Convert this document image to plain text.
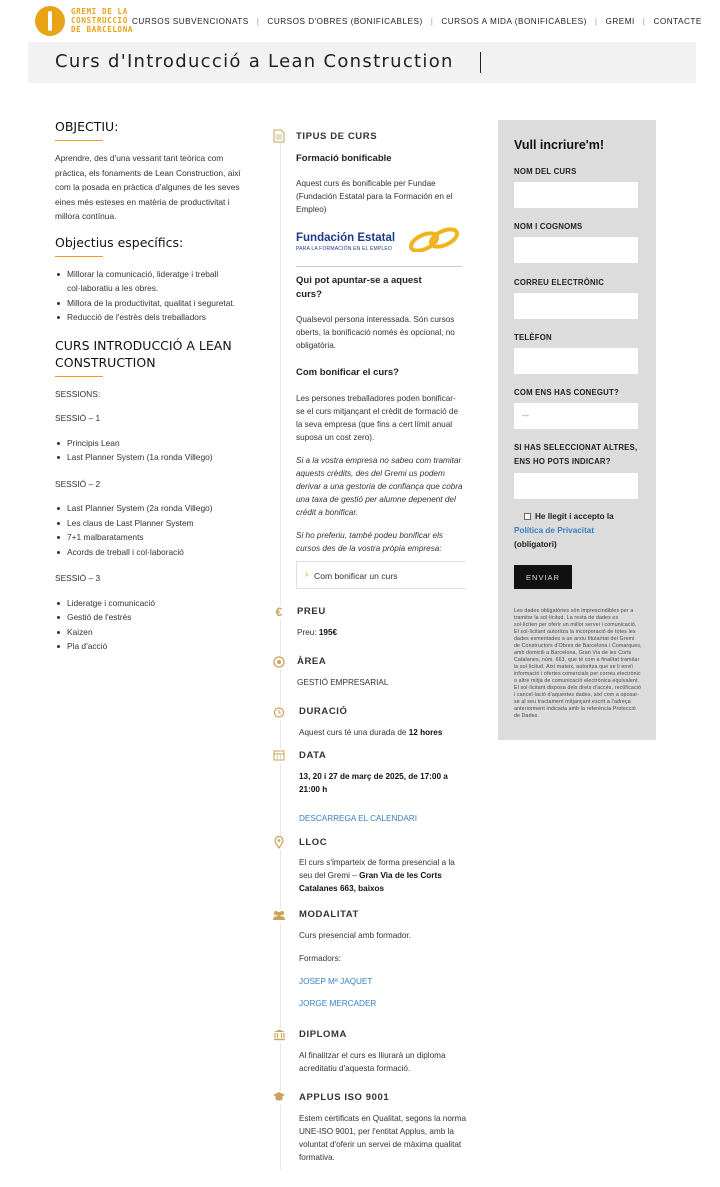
GREMI DE LA
CONSTRUCCIÓ
DE BARCELONA
CURSOS SUBVENCIONATS | CURSOS D'OBRES (BONIFICABLES) | CURSOS A MIDA (BONIFICABLES) | GREMI | CONTACTE
Curs d'Introducció a Lean Construction
OBJECTIU:

Aprendre, des d'una vessant tant teòrica com pràctica, els fonaments de Lean Construction, així com la posada en pràctica d'algunes de les seves eines més esteses en matèria de productivitat i millora contínua.

Objectius específics:
Millorar la comunicació, lideratge i treball col·laboratiu a les obres.
Millora de la productivitat, qualitat i seguretat.
Reducció de l'estrès dels treballadors
CURS INTRODUCCIÓ A LEAN CONSTRUCTION

SESSIONS:

SESSIÓ – 1

Principis Lean
Last Planner System (1a ronda Villego)

SESSIÓ – 2

Last Planner System (2a ronda Villego)
Les claus de Last Planner System
7+1 malbarataments
Acords de treball i col·laboració

SESSIÓ – 3

Lideratge i comunicació
Gestió de l'estrès
Kaizen
Pla d'acció
TIPUS DE CURS
Formació bonificable
Aquest curs és bonificable per Fundae (Fundación Estatal para la Formación en el Empleo)
Fundación Estatal
PARA LA FORMACIÓN EN EL EMPLEO
Qui pot apuntar-se a aquest curs?
Qualsevol persona interessada. Són cursos oberts, la bonificació només és opcional, no obligatòria.
Com bonificar el curs?
Les persones treballadores poden bonificar-se el curs mitjançant el crèdit de formació de la seva empresa (que fins a cert límit anual suposa un cost zero).
Si a la vostra empresa no sabeu com tramitar aquests crèdits, des del Gremi us podem derivar a una gestoria de confiança que cobra una taxa de gestió per alumne depenent del crèdit a bonificar.
Si ho preferiu, també podeu bonificar els cursos des de la vostra pròpia empresa:
› Com bonificar un curs
€	PREU
Preu: 195€
ÀREA
GESTIÓ EMPRESARIAL
DURACIÓ
Aquest curs té una durada de 12 hores
DATA
13, 20 i 27 de març de 2025, de 17:00 a 21:00 h
DESCARREGA EL CALENDARI
LLOC
El curs s'imparteix de forma presencial a la seu del Gremi – Gran Via de les Corts Catalanes 663, baixos
MODALITAT
Curs presencial amb formador.
Formadors:
JOSEP Mª JAQUET
JORGE MERCADER
DIPLOMA
Al finalitzar el curs es lliurarà un diploma acreditatiu d'aquesta formació.
APPLUS ISO 9001
Estem certificats en Qualitat, segons la norma UNE-ISO 9001, per l'entitat Applus, amb la voluntat d'oferir un servei de màxima qualitat formativa.
Vull incriure'm!
NOM DEL CURS
NOM I COGNOMS
CORREU ELECTRÒNIC
TELÈFON
COM ENS HAS CONEGUT?
---
SI HAS SELECCIONAT ALTRES, ENS HO POTS INDICAR?
He llegit i accepto la
Política de Privacitat
(obligatori)
ENVIAR
Les dades obligatòries són imprescindibles per a tramitar la sol·licitud. La resta de dades es sol·liciten per oferir un millor servei i comunicació. El sol·licitant autoritza la incorporació de totes les dades esmentades a un arxiu titularitat del Gremi de Constructors d'Obres de Barcelona i Comarques, amb domicili a Barcelona, Gran Via de les Corts Catalanes, núm. 663, que té com a finalitat tramitar la sol·licitud. Així mateix, autoritza que se li enviï informació i ofertes comercials per correu electrònic o altre mitjà de comunicació electrònica equivalent. El sol·licitant disposa dels drets d'accés, rectificació i cancel·lació d'aquestes dades, així com a oposar-se al seu tractament mitjançant escrit a l'adreça anteriorment indicada amb la referència Protecció de Dades.
